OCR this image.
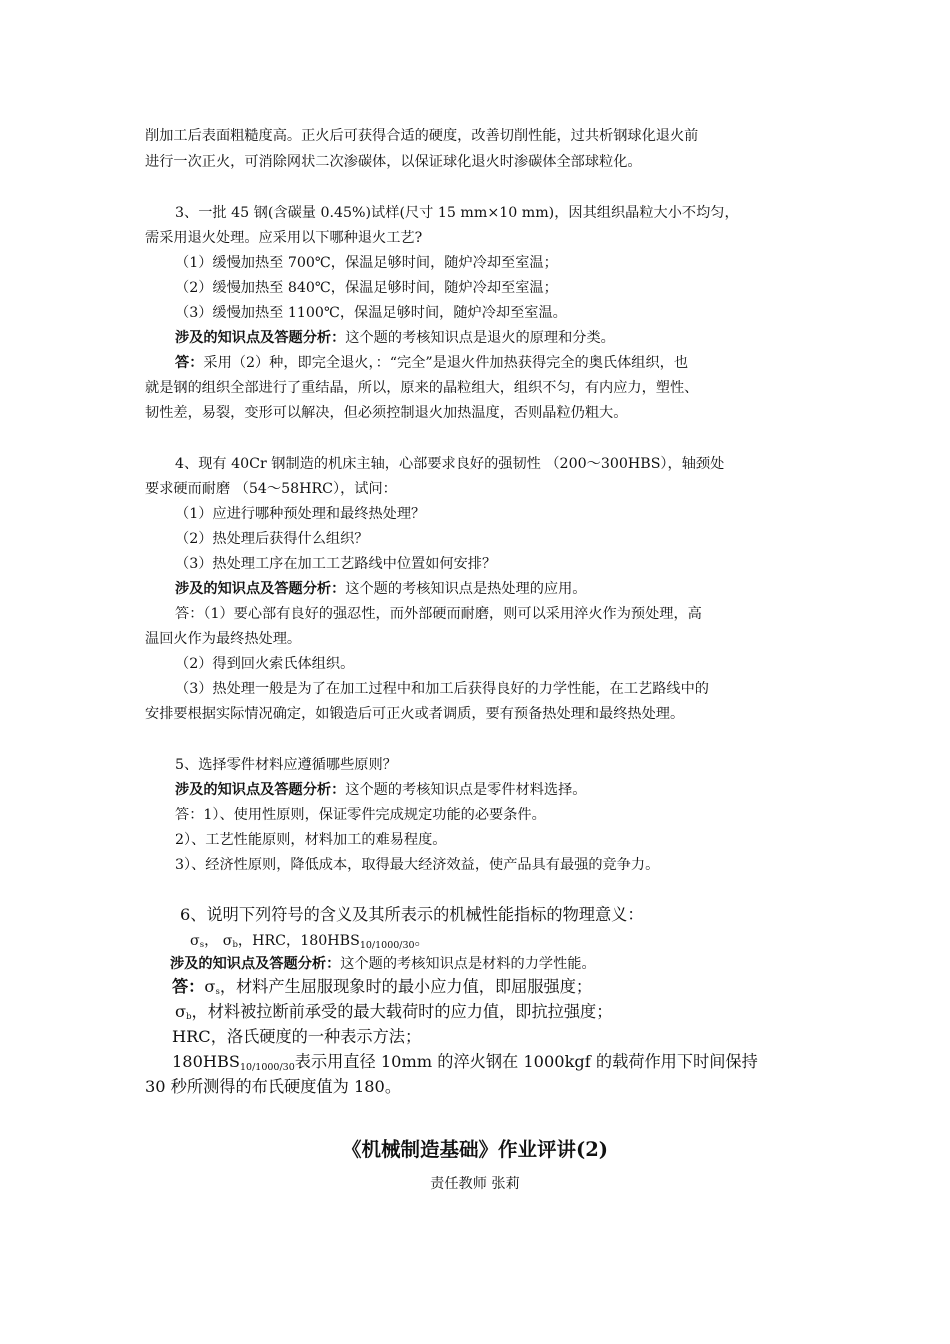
削加工后表面粗糙度高。正火后可获得合适的硬度，改善切削性能，过共析钢球化退火前
进行一次正火，可消除网状二次渗碳体，以保证球化退火时渗碳体全部球粒化。
3、一批 45 钢(含碳量 0.45%)试样(尺寸 15 mm×10 mm)，因其组织晶粒大小不均匀，
需采用退火处理。应采用以下哪种退火工艺?
（1）缓慢加热至 700℃，保温足够时间，随炉冷却至室温；
（2）缓慢加热至 840℃，保温足够时间，随炉冷却至室温；
（3）缓慢加热至 1100℃，保温足够时间，随炉冷却至室温。
涉及的知识点及答题分析：这个题的考核知识点是退火的原理和分类。
答：采用（2）种，即完全退火，：“完全”是退火件加热获得完全的奥氏体组织，也
就是钢的组织全部进行了重结晶，所以，原来的晶粒组大，组织不匀，有内应力，塑性、
韧性差，易裂，变形可以解决，但必须控制退火加热温度，否则晶粒仍粗大。
4、现有 40Cr 钢制造的机床主轴，心部要求良好的强韧性 （200～300HBS），轴颈处
要求硬而耐磨 （54～58HRC），试问：
（1）应进行哪种预处理和最终热处理？
（2）热处理后获得什么组织？
（3）热处理工序在加工工艺路线中位置如何安排？
涉及的知识点及答题分析：这个题的考核知识点是热处理的应用。
答：（1）要心部有良好的强忍性，而外部硬而耐磨，则可以采用淬火作为预处理，高
温回火作为最终热处理。
（2）得到回火索氏体组织。
（3）热处理一般是为了在加工过程中和加工后获得良好的力学性能，在工艺路线中的
安排要根据实际情况确定，如锻造后可正火或者调质，要有预备热处理和最终热处理。
5、选择零件材料应遵循哪些原则？
涉及的知识点及答题分析：这个题的考核知识点是零件材料选择。
答：1）、使用性原则，保证零件完成规定功能的必要条件。
2）、工艺性能原则，材料加工的难易程度。
3）、经济性原则，降低成本，取得最大经济效益，使产品具有最强的竞争力。
6、说明下列符号的含义及其所表示的机械性能指标的物理意义：
$\sigma_s$， $\sigma_b$，HRC，$180HBS_{10/1000/30}$。
涉及的知识点及答题分析：这个题的考核知识点是材料的力学性能。
答：$\sigma_s$，材料产生屈服现象时的最小应力值，即屈服强度；
$\sigma_b$，材料被拉断前承受的最大载荷时的应力值，即抗拉强度；
HRC，洛氏硬度的一种表示方法；
$180HBS_{10/1000/30}$表示用直径 10mm 的淬火钢在 1000kgf 的载荷作用下时间保持
30 秒所测得的布氏硬度值为 180。
《机械制造基础》作业评讲(2)
责任教师 张莉
